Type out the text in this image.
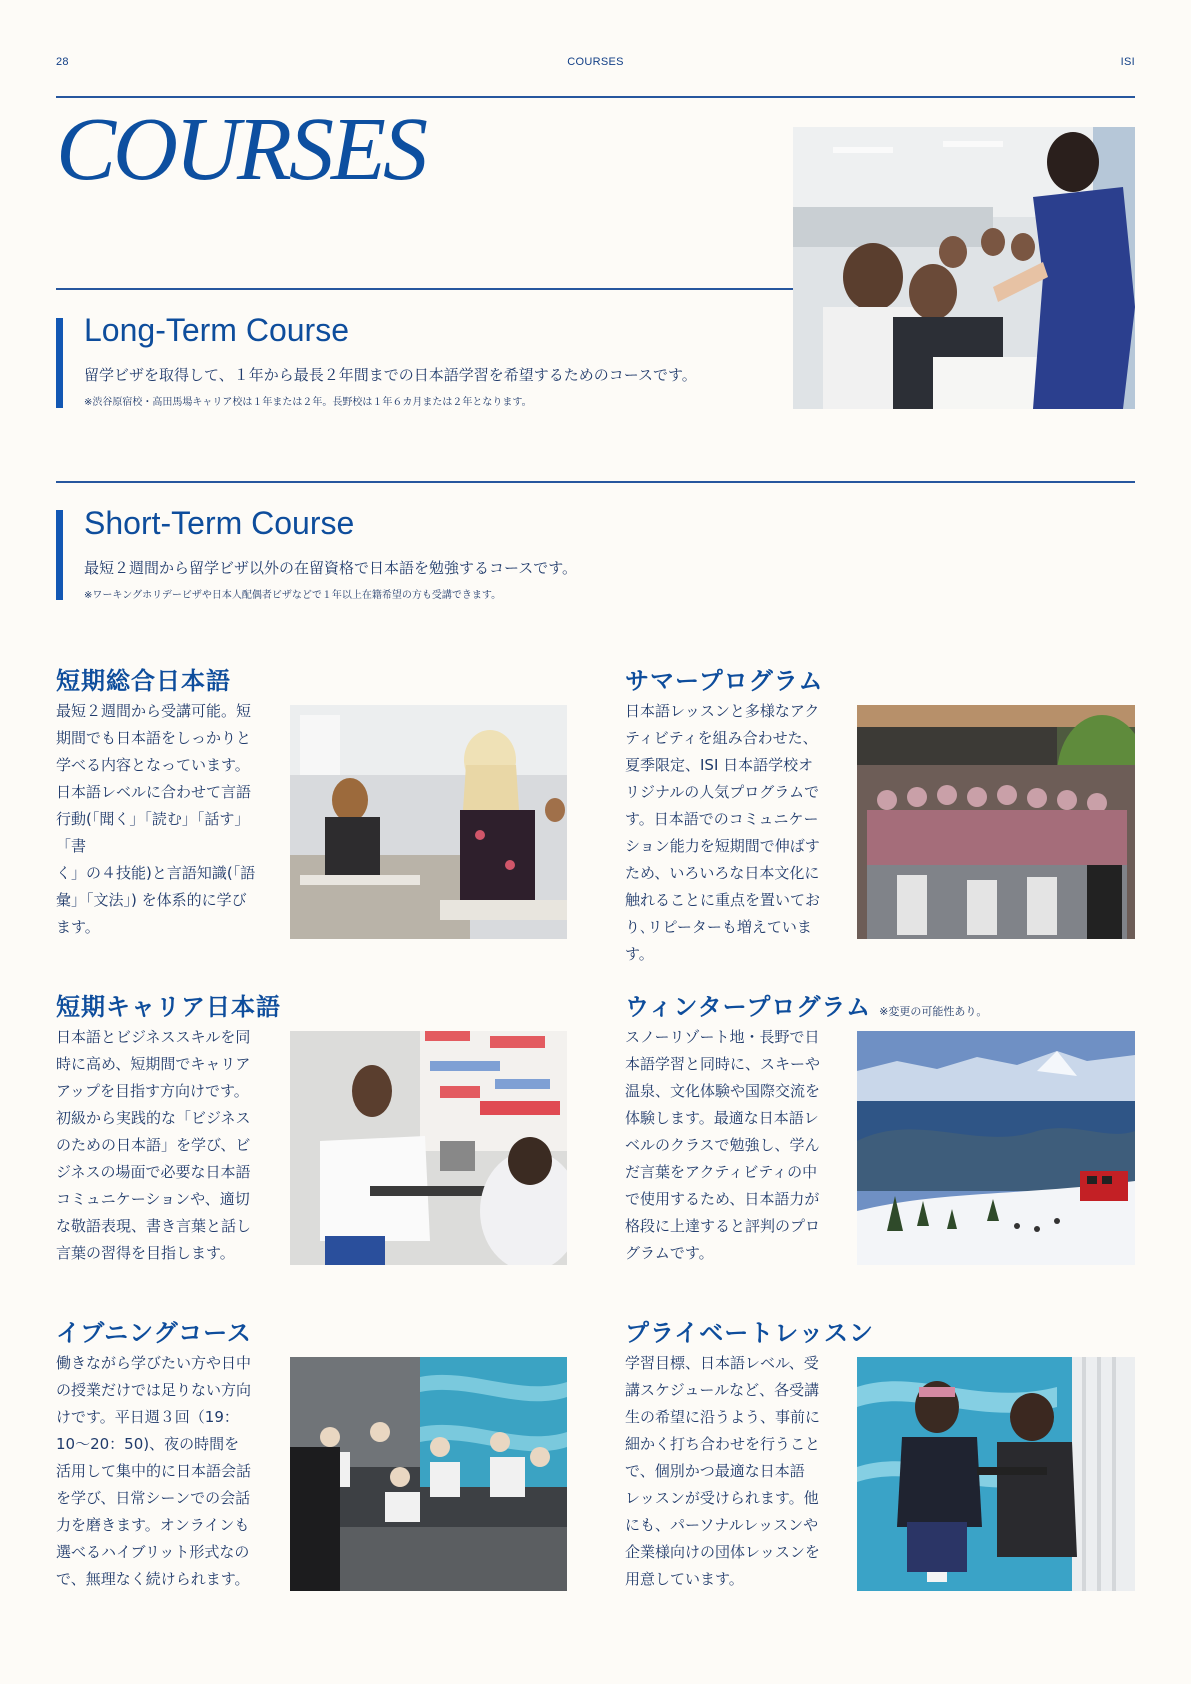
28	COURSES	ISI
COURSES
Long-Term Course
留学ビザを取得して、１年から最長２年間までの日本語学習を希望するためのコースです。
※渋谷原宿校・高田馬場キャリア校は１年または２年。長野校は１年６カ月または２年となります。
Short-Term Course
最短２週間から留学ビザ以外の在留資格で日本語を勉強するコースです。
※ワーキングホリデービザや日本人配偶者ビザなどで１年以上在籍希望の方も受講できます。
短期総合日本語
最短２週間から受講可能。短
期間でも日本語をしっかりと
学べる内容となっています。
日本語レベルに合わせて言語
行動(「聞く」「読む」「話す」「書
く」の４技能)と言語知識(「語
彙」「文法」) を体系的に学び
ます。
サマープログラム
日本語レッスンと多様なアク
ティビティを組み合わせた、
夏季限定、ISI 日本語学校オ
リジナルの人気プログラムで
す。日本語でのコミュニケー
ション能力を短期間で伸ばす
ため、いろいろな日本文化に
触れることに重点を置いてお
り､リピーターも増えています。
短期キャリア日本語
日本語とビジネススキルを同
時に高め、短期間でキャリア
アップを目指す方向けです。
初級から実践的な「ビジネス
のための日本語」を学び、ビ
ジネスの場面で必要な日本語
コミュニケーションや、適切
な敬語表現、書き言葉と話し
言葉の習得を目指します。
ウィンタープログラム ※変更の可能性あり。
スノーリゾート地・長野で日
本語学習と同時に、スキーや
温泉、文化体験や国際交流を
体験します。最適な日本語レ
ベルのクラスで勉強し、学ん
だ言葉をアクティビティの中
で使用するため、日本語力が
格段に上達すると評判のプロ
グラムです。
イブニングコース
働きながら学びたい方や日中
の授業だけでは足りない方向
けです。平日週３回（19：
10～20：50)、夜の時間を
活用して集中的に日本語会話
を学び、日常シーンでの会話
力を磨きます。オンラインも
選べるハイブリット形式なの
で、無理なく続けられます。
プライベートレッスン
学習目標、日本語レベル、受
講スケジュールなど、各受講
生の希望に沿うよう、事前に
細かく打ち合わせを行うこと
で、個別かつ最適な日本語
レッスンが受けられます。他
にも、パーソナルレッスンや
企業様向けの団体レッスンを
用意しています。
